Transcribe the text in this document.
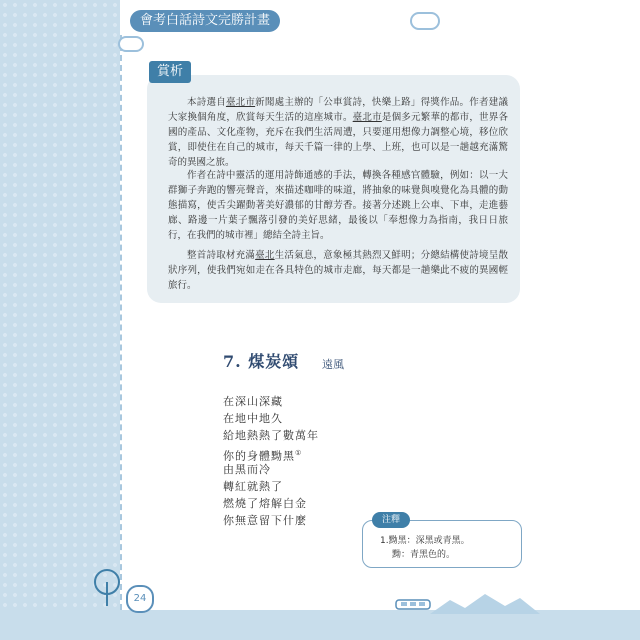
會考白話詩文完勝計畫
賞析
本詩選自臺北市新聞處主辦的「公車賞詩，快樂上路」得獎作品。作者建議大家換個角度，欣賞每天生活的這座城市。臺北市是個多元繁華的都市，世界各國的產品、文化產物，充斥在我們生活周遭，只要運用想像力調整心境，移位欣賞，即使住在自己的城市，每天千篇一律的上學、上班，也可以是一趟越充滿驚奇的異國之旅。
作者在詩中靈活的運用詩飾通感的手法，轉換各種感官體驗，例如：以一大群獅子奔跑的響亮聲音，來描述咖啡的味道，將抽象的味覺與嗅覺化為具體的動態描寫，使舌尖躍動著美好濃郁的甘醇芳香。接著分述跳上公車、下車，走進藝廊、路邊一片葉子飄落引發的美好思緒，最後以「奉想像力為指南，我日日旅行，在我們的城市裡」總結全詩主旨。
整首詩取材充滿臺北生活氣息，意象極其熱烈又鮮明；分總結構使詩境呈散狀序列，使我們宛如走在各具特色的城市走廊，每天都是一趟樂此不疲的異國輕旅行。
7. 煤炭頌 遠風
在深山深藏
在地中地久
給地熱熱了數萬年
你的身體黝黑①
由黑而冷
轉紅就熱了
燃燒了熔解白金
你無意留下什麼	注釋
1.黝黑：深黑或青黑。
黝：青黑色的。
24
